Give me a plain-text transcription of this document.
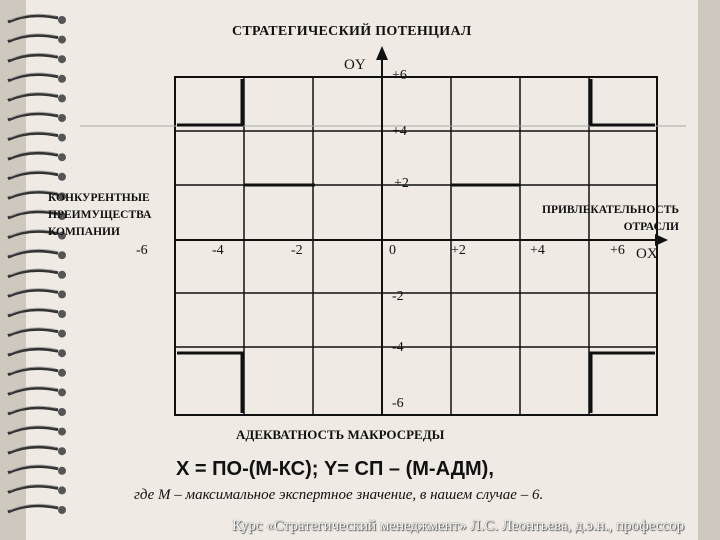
СТРАТЕГИЧЕСКИЙ ПОТЕНЦИАЛ
OY
OX
КОНКУРЕНТНЫЕ
ПРЕИМУЩЕСТВА
КОМПАНИИ
ПРИВЛЕКАТЕЛЬНОСТЬ
ОТРАСЛИ
+6
+4
+2
-2
-4
-6
-6	-4	-2	0	+2	+4	+6
АДЕКВАТНОСТЬ МАКРОСРЕДЫ
X = ПО-(М-КС); Y= СП – (М-АДМ),
где М – максимальное экспертное значение, в нашем случае – 6.
Курс «Стратегический менеджмент» Л.С. Леонтьева, д.э.н., профессор
